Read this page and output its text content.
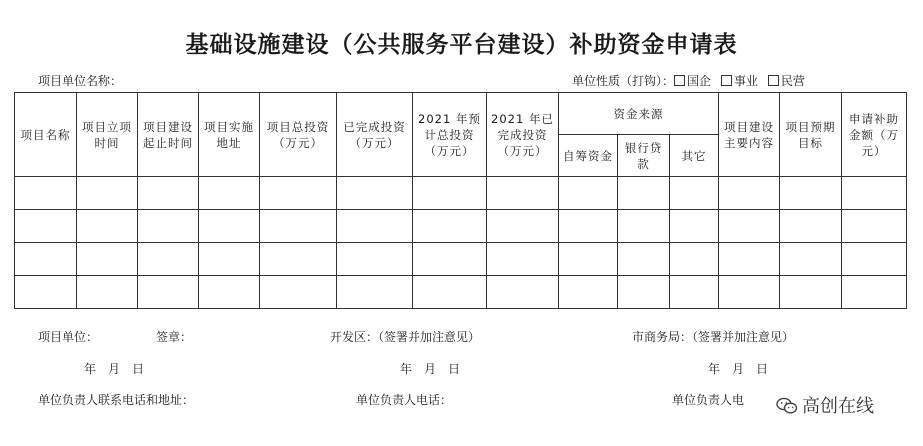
基础设施建设（公共服务平台建设）补助资金申请表
项目单位名称：	单位性质（打钩）： 国企 事业 民营
项目名称	项目立项时间	项目建设起止时间	项目实施地址	项目总投资（万元）	已完成投资（万元）	2021 年预计总投资（万元）	2021 年已完成投资（万元）	资金来源			项目建设主要内容	项目预期目标	申请补助金额（万元）
								自筹资金	银行贷款	其它			

项目单位：	签章：	开发区：（签署并加注意见）	市商务局：（签署并加注意见）
年　月　日	年　月　日	年　月　日
单位负责人联系电话和地址：	单位负责人电话：	单位负责人电	高创在线
